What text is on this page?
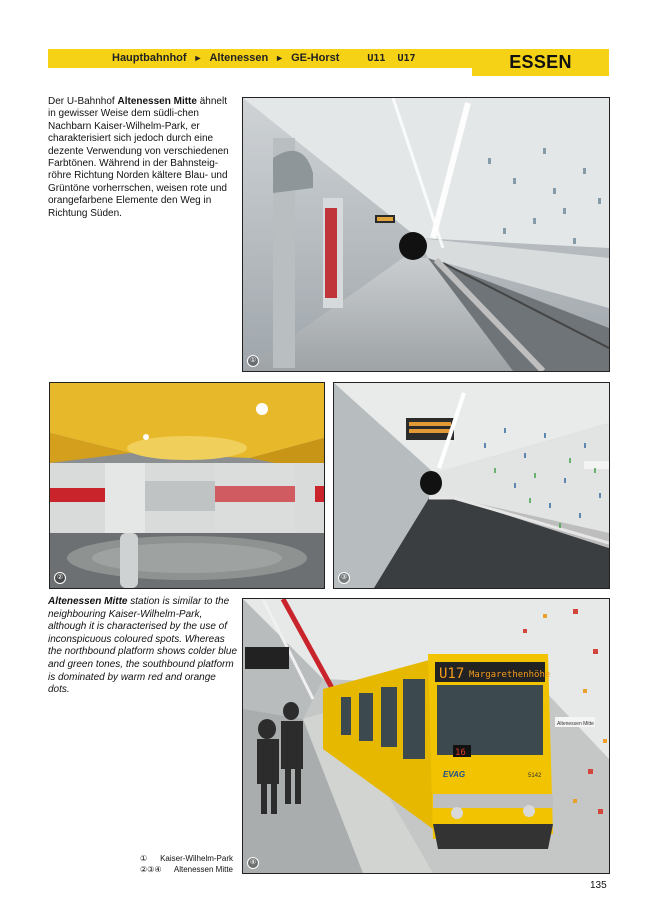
Hauptbahnhof ► Altenessen ► GE-Horst	U11 U17	ESSEN
Der U-Bahnhof Altenessen Mitte ähnelt in gewisser Weise dem südli-chen Nachbarn Kaiser-Wilhelm-Park, er charakterisiert sich jedoch durch eine dezente Verwendung von verschiedenen Farbtönen. Während in der Bahnsteig-röhre Richtung Norden kältere Blau- und Grüntöne vorherrschen, weisen rote und orangefarbene Elemente den Weg in Richtung Süden.
Altenessen Mitte station is similar to the neighbouring Kaiser-Wilhelm-Park, although it is characterised by the use of inconspicuous coloured spots. Whereas the northbound platform shows colder blue and green tones, the southbound platform is dominated by warm red and orange dots.
①
②	③
Altenessen Mitte
U17 Margarethenhöhe
16
EVAG	5142
④
① Kaiser-Wilhelm-Park
②③④ Altenessen Mitte
135
